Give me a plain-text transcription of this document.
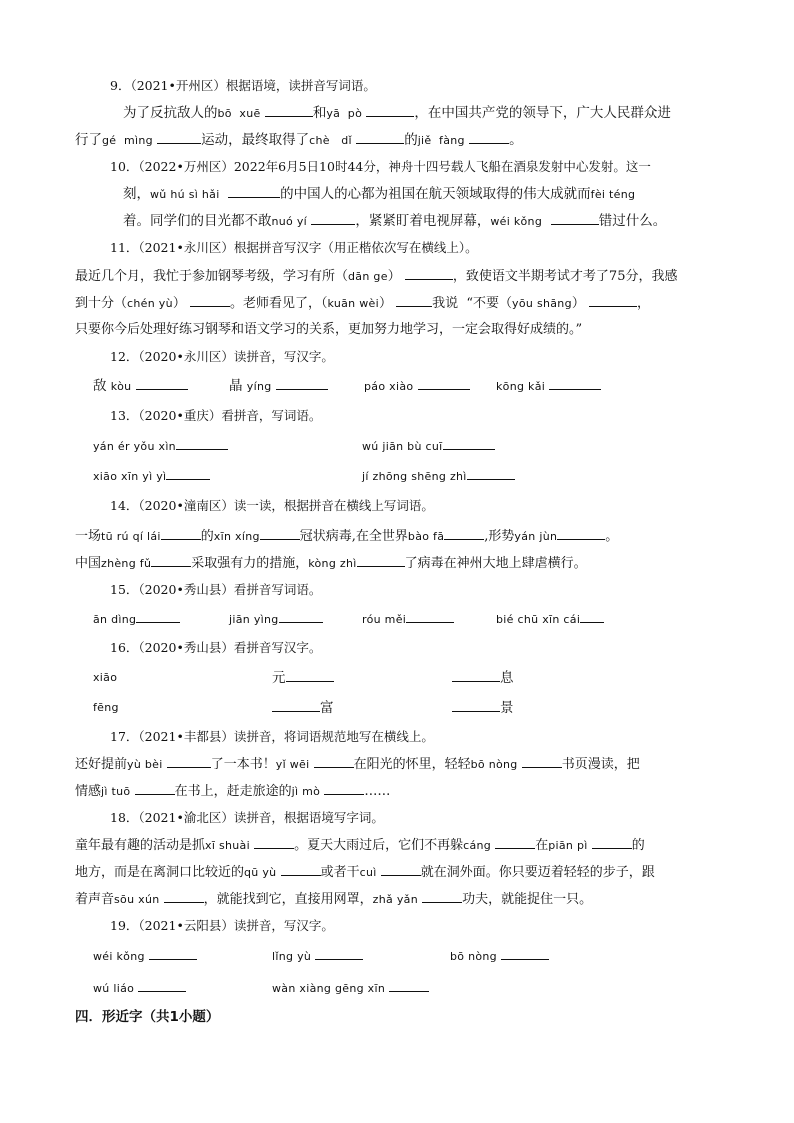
9．（2021•开州区）根据语境，读拼音写词语。
为了反抗敌人的bō  xuē	和yā  pò	，在中国共产党的领导下，广大人民群众进
行了gé  mìng	运动，最终取得了chè   dǐ	的jiě  fàng	。
10．（2022•万州区）2022年6月5日10时44分，神舟十四号载人飞船在酒泉发射中心发射。这一
刻，wǔ hú sì hǎi	的中国人的心都为祖国在航天领域取得的伟大成就而fèi téng
着。同学们的目光都不敢nuó yí	，紧紧盯着电视屏幕，wéi kǒng	错过什么。
11．（2021•永川区）根据拼音写汉字（用正楷依次写在横线上）。
最近几个月，我忙于参加钢琴考级，学习有所（dān ge）	，致使语文半期考试才考了75分，我感
到十分（chén yù）	。老师看见了，（kuān wèi）	我说  “不要（yōu shāng）	，
只要你今后处理好练习钢琴和语文学习的关系，更加努力地学习，一定会取得好成绩的。”
12．（2020•永川区）读拼音，写汉字。
敌 kòu	晶 yíng	páo xiào	kōng kǎi
13．（2020•重庆）看拼音，写词语。
yán ér yǒu xìn	wú jiān bù cuī
xiāo xīn yì yì	jí zhōng shēng zhì
14．（2020•潼南区）读一读，根据拼音在横线上写词语。
一场tū rú qí lái	的xīn xíng	冠状病毒,在全世界bào fā	,形势yán jùn	。
中国zhèng fǔ	采取强有力的措施，kòng zhì	了病毒在神州大地上肆虐横行。
15．（2020•秀山县）看拼音写词语。
ān dìng	jiān yìng	róu měi	bié chū xīn cái
16．（2020•秀山县）看拼音写汉字。
xiāo	元	息
fēng	富	景
17．（2021•丰都县）读拼音，将词语规范地写在横线上。
还好提前yù bèi	了一本书！yǐ wēi	在阳光的怀里，轻轻bō nòng	书页漫读，把
情感jì tuō	在书上，赶走旅途的jì mò	……
18．（2021•渝北区）读拼音，根据语境写字词。
童年最有趣的活动是抓xī shuài	。夏天大雨过后，它们不再躲cáng	在piān pì	的
地方，而是在离洞口比较近的qū yù	或者干cuì	就在洞外面。你只要迈着轻轻的步子，跟
着声音sōu xún	，就能找到它，直接用网罩，zhǎ yǎn	功夫，就能捉住一只。
19．（2021•云阳县）读拼音，写汉字。
wéi kǒng	lǐng yù	bō nòng
wú liáo	wàn xiàng gēng xīn
四．形近字（共1小题）
